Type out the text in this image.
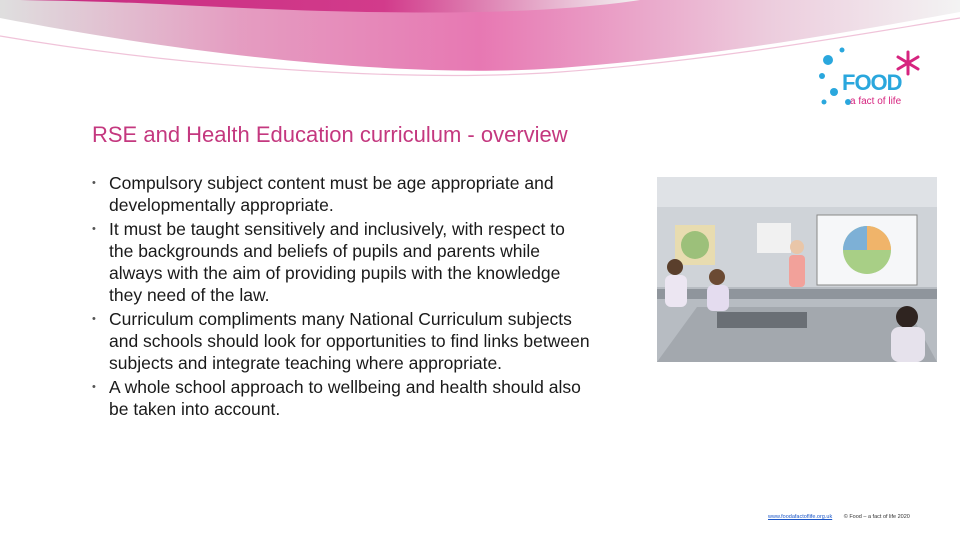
FOOD
a fact of life
RSE and Health Education curriculum - overview
• Compulsory subject content must be age appropriate and developmentally appropriate.
• It must be taught sensitively and inclusively, with respect to the backgrounds and beliefs of pupils and parents while always with the aim of providing pupils with the knowledge they need of the law.
• Curriculum compliments many National Curriculum subjects and schools should look for opportunities to find links between subjects and integrate teaching where appropriate.
• A whole school approach to wellbeing and health should also be taken into account.
www.foodafactoflife.org.uk © Food – a fact of life 2020
